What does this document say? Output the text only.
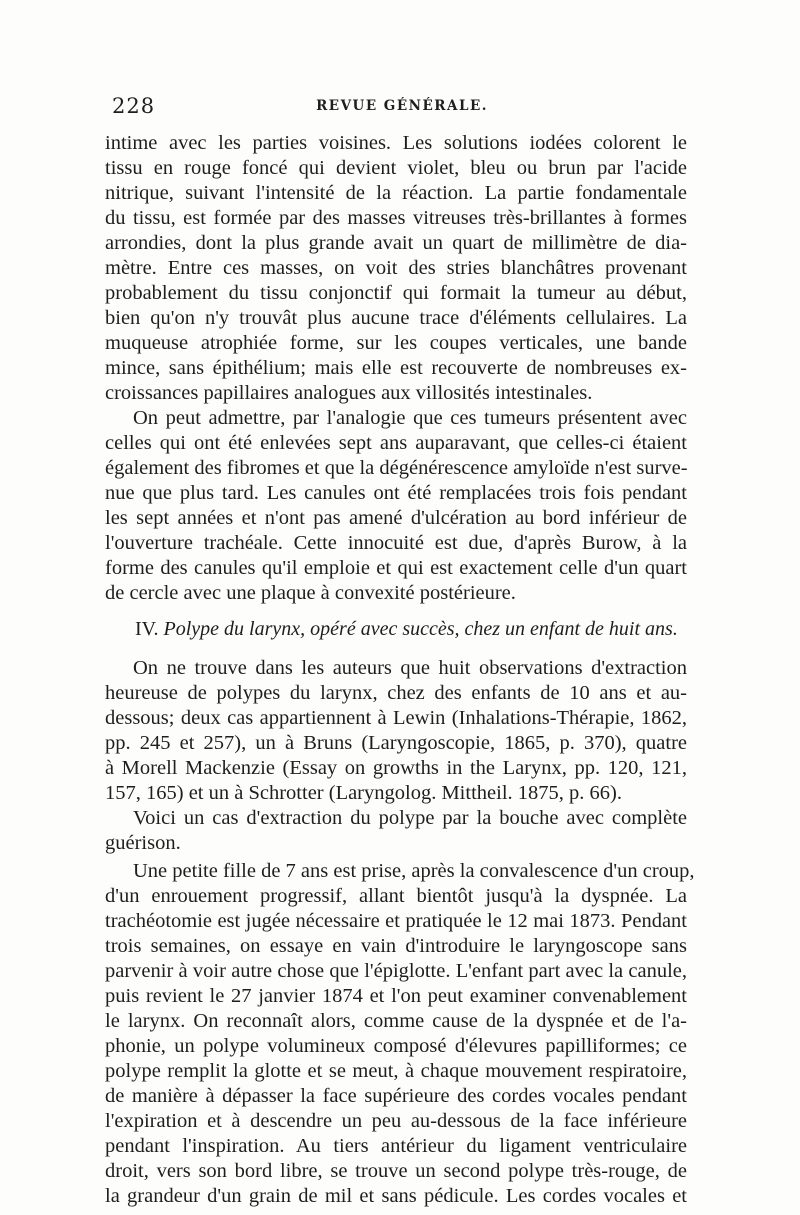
228	REVUE GÉNÉRALE.
intime avec les parties voisines. Les solutions iodées colorent le
tissu en rouge foncé qui devient violet, bleu ou brun par l'acide
nitrique, suivant l'intensité de la réaction. La partie fondamentale
du tissu, est formée par des masses vitreuses très-brillantes à formes
arrondies, dont la plus grande avait un quart de millimètre de dia-
mètre. Entre ces masses, on voit des stries blanchâtres provenant
probablement du tissu conjonctif qui formait la tumeur au début,
bien qu'on n'y trouvât plus aucune trace d'éléments cellulaires. La
muqueuse atrophiée forme, sur les coupes verticales, une bande
mince, sans épithélium; mais elle est recouverte de nombreuses ex-
croissances papillaires analogues aux villosités intestinales.
On peut admettre, par l'analogie que ces tumeurs présentent avec
celles qui ont été enlevées sept ans auparavant, que celles-ci étaient
également des fibromes et que la dégénérescence amyloïde n'est surve-
nue que plus tard. Les canules ont été remplacées trois fois pendant
les sept années et n'ont pas amené d'ulcération au bord inférieur de
l'ouverture trachéale. Cette innocuité est due, d'après Burow, à la
forme des canules qu'il emploie et qui est exactement celle d'un quart
de cercle avec une plaque à convexité postérieure.
IV. Polype du larynx, opéré avec succès, chez un enfant de huit ans.
On ne trouve dans les auteurs que huit observations d'extraction
heureuse de polypes du larynx, chez des enfants de 10 ans et au-
dessous; deux cas appartiennent à Lewin (Inhalations-Thérapie, 1862,
pp. 245 et 257), un à Bruns (Laryngoscopie, 1865, p. 370), quatre
à Morell Mackenzie (Essay on growths in the Larynx, pp. 120, 121,
157, 165) et un à Schrotter (Laryngolog. Mittheil. 1875, p. 66).
Voici un cas d'extraction du polype par la bouche avec complète
guérison.
Une petite fille de 7 ans est prise, après la convalescence d'un croup,
d'un enrouement progressif, allant bientôt jusqu'à la dyspnée. La
trachéotomie est jugée nécessaire et pratiquée le 12 mai 1873. Pendant
trois semaines, on essaye en vain d'introduire le laryngoscope sans
parvenir à voir autre chose que l'épiglotte. L'enfant part avec la canule,
puis revient le 27 janvier 1874 et l'on peut examiner convenablement
le larynx. On reconnaît alors, comme cause de la dyspnée et de l'a-
phonie, un polype volumineux composé d'élevures papilliformes; ce
polype remplit la glotte et se meut, à chaque mouvement respiratoire,
de manière à dépasser la face supérieure des cordes vocales pendant
l'expiration et à descendre un peu au-dessous de la face inférieure
pendant l'inspiration. Au tiers antérieur du ligament ventriculaire
droit, vers son bord libre, se trouve un second polype très-rouge, de
la grandeur d'un grain de mil et sans pédicule. Les cordes vocales et
